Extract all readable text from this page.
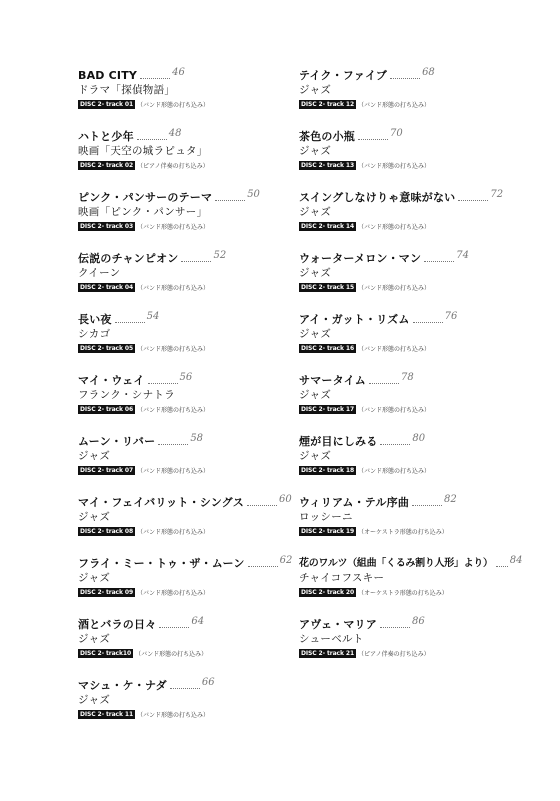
BAD CITY	46
ドラマ「探偵物語」
DISC 2- track 01 （バンド形態の打ち込み）
ハトと少年	48
映画「天空の城ラピュタ」
DISC 2- track 02 （ピアノ伴奏の打ち込み）
ピンク・パンサーのテーマ	50
映画「ピンク・パンサー」
DISC 2- track 03 （バンド形態の打ち込み）
伝説のチャンピオン	52
クイーン
DISC 2- track 04 （バンド形態の打ち込み）
長い夜	54
シカゴ
DISC 2- track 05 （バンド形態の打ち込み）
マイ・ウェイ	56
フランク・シナトラ
DISC 2- track 06 （バンド形態の打ち込み）
ムーン・リバー	58
ジャズ
DISC 2- track 07 （バンド形態の打ち込み）
マイ・フェイバリット・シングス	60
ジャズ
DISC 2- track 08 （バンド形態の打ち込み）
フライ・ミー・トゥ・ザ・ムーン	62
ジャズ
DISC 2- track 09 （バンド形態の打ち込み）
酒とバラの日々	64
ジャズ
DISC 2- track10 （バンド形態の打ち込み）
マシュ・ケ・ナダ	66
ジャズ
DISC 2- track 11 （バンド形態の打ち込み）
テイク・ファイブ	68
ジャズ
DISC 2- track 12 （バンド形態の打ち込み）
茶色の小瓶	70
ジャズ
DISC 2- track 13 （バンド形態の打ち込み）
スイングしなけりゃ意味がない	72
ジャズ
DISC 2- track 14 （バンド形態の打ち込み）
ウォーターメロン・マン	74
ジャズ
DISC 2- track 15 （バンド形態の打ち込み）
アイ・ガット・リズム	76
ジャズ
DISC 2- track 16 （バンド形態の打ち込み）
サマータイム	78
ジャズ
DISC 2- track 17 （バンド形態の打ち込み）
煙が目にしみる	80
ジャズ
DISC 2- track 18 （バンド形態の打ち込み）
ウィリアム・テル序曲	82
ロッシーニ
DISC 2- track 19 （オーケストラ形態の打ち込み）
花のワルツ（組曲「くるみ割り人形」より） 84
チャイコフスキー
DISC 2- track 20 （オーケストラ形態の打ち込み）
アヴェ・マリア	86
シューベルト
DISC 2- track 21 （ピアノ伴奏の打ち込み）
